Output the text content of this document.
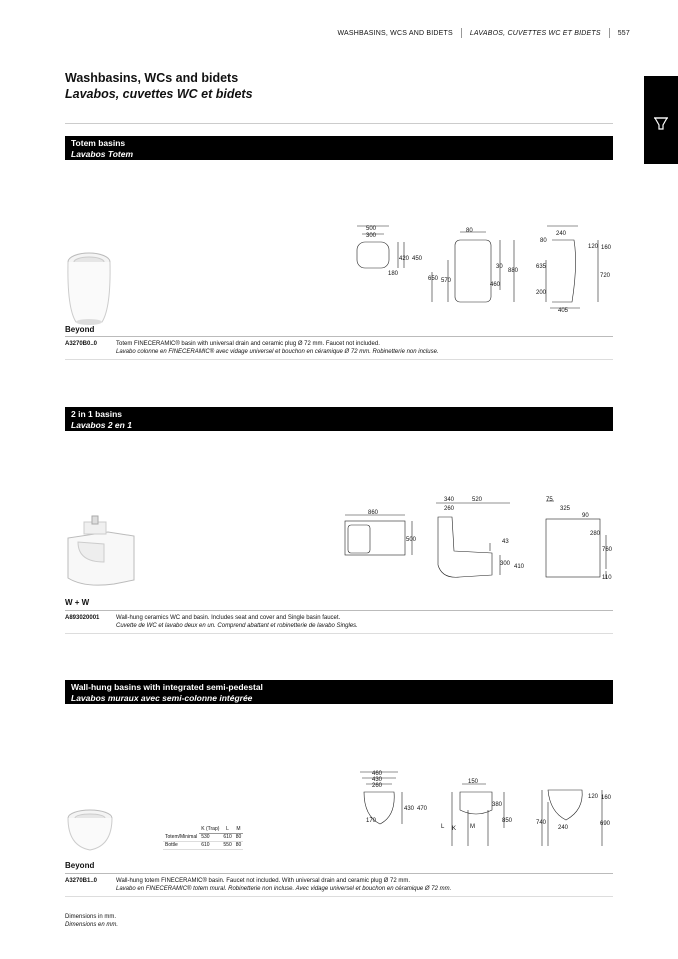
WASHBASINS, WCS AND BIDETS LAVABOS, CUVETTES WC ET BIDETS 557
Washbasins, WCs and bidets
Lavabos, cuvettes WC et bidets
Totem basins
Lavabos Totem
500
300
420 450
180
80
30
880
650 570
460
80
240
120 160
635
720
200
405
Beyond
A3270B0..0	Totem FINECERAMIC® basin with universal drain and ceramic plug Ø 72 mm. Faucet not included.
Lavabo colonne en FINECERAMIC® avec vidage universel et bouchon en céramique Ø 72 mm. Robinetterie non incluse.
2 in 1 basins
Lavabos 2 en 1
860
500
340	520
260
43
300 410
75
325
90
280
760
110
W + W
A893020001	Wall-hung ceramics WC and basin. Includes seat and cover and Single basin faucet.
Cuvette de WC et lavabo deux en un. Comprend abattant et robinetterie de lavabo Singles.
Wall-hung basins with integrated semi-pedestal
Lavabos muraux avec semi-colonne intégrée
	K (Trap)	L	M
Totem/Minimal	530	610	80
Bottle	610	550	80
460
430
260
430 470
170
150
380
850
L K M
120 160
740
240
690
Beyond
A3270B1..0	Wall-hung totem FINECERAMIC® basin. Faucet not included. With universal drain and ceramic plug Ø 72 mm.
Lavabo en FINECERAMIC® totem mural. Robinetterie non incluse. Avec vidage universel et bouchon en céramique Ø 72 mm.
Dimensions in mm.
Dimensions en mm.
